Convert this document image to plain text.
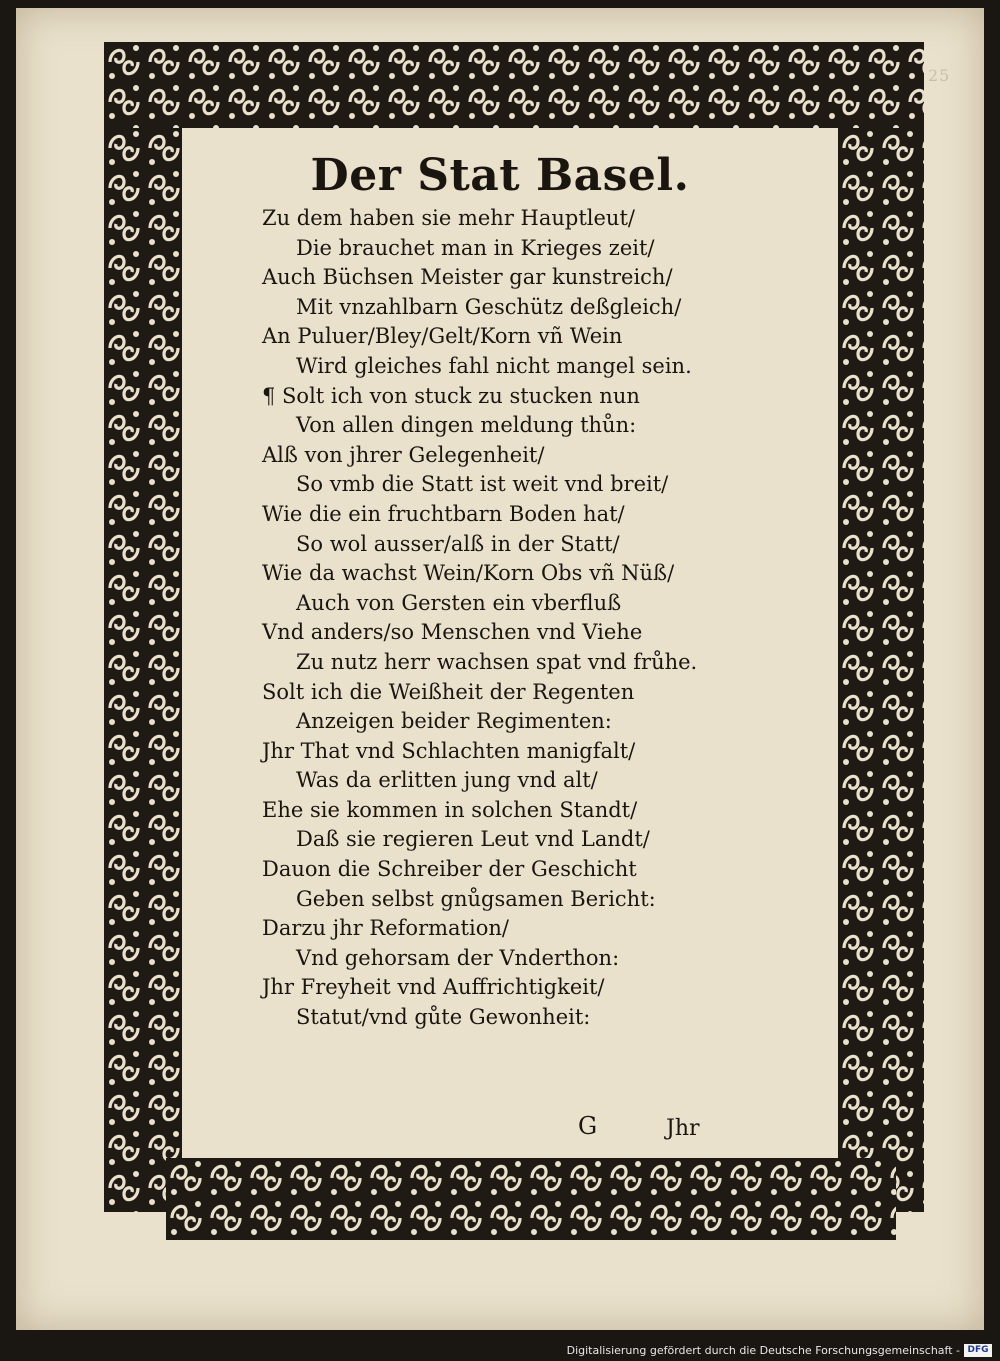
25
Der Stat Basel.
Zu dem haben sie mehr Hauptleut/
Die brauchet man in Krieges zeit/
Auch Büchsen Meister gar kunstreich/
Mit vnzahlbarn Geschütz deßgleich/
An Puluer/Bley/Gelt/Korn vñ Wein
Wird gleiches fahl nicht mangel sein.
¶ Solt ich von stuck zu stucken nun
Von allen dingen meldung thůn:
Alß von jhrer Gelegenheit/
So vmb die Statt ist weit vnd breit/
Wie die ein fruchtbarn Boden hat/
So wol ausser/alß in der Statt/
Wie da wachst Wein/Korn Obs vñ Nüß/
Auch von Gersten ein vberfluß
Vnd anders/so Menschen vnd Viehe
Zu nutz herr wachsen spat vnd frůhe.
Solt ich die Weißheit der Regenten
Anzeigen beider Regimenten:
Jhr That vnd Schlachten manigfalt/
Was da erlitten jung vnd alt/
Ehe sie kommen in solchen Standt/
Daß sie regieren Leut vnd Landt/
Dauon die Schreiber der Geschicht
Geben selbst gnůgsamen Bericht:
Darzu jhr Reformation/
Vnd gehorsam der Vnderthon:
Jhr Freyheit vnd Auffrichtigkeit/
Statut/vnd gůte Gewonheit:
G	Jhr
Digitalisierung gefördert durch die Deutsche Forschungsgemeinschaft - DFG
